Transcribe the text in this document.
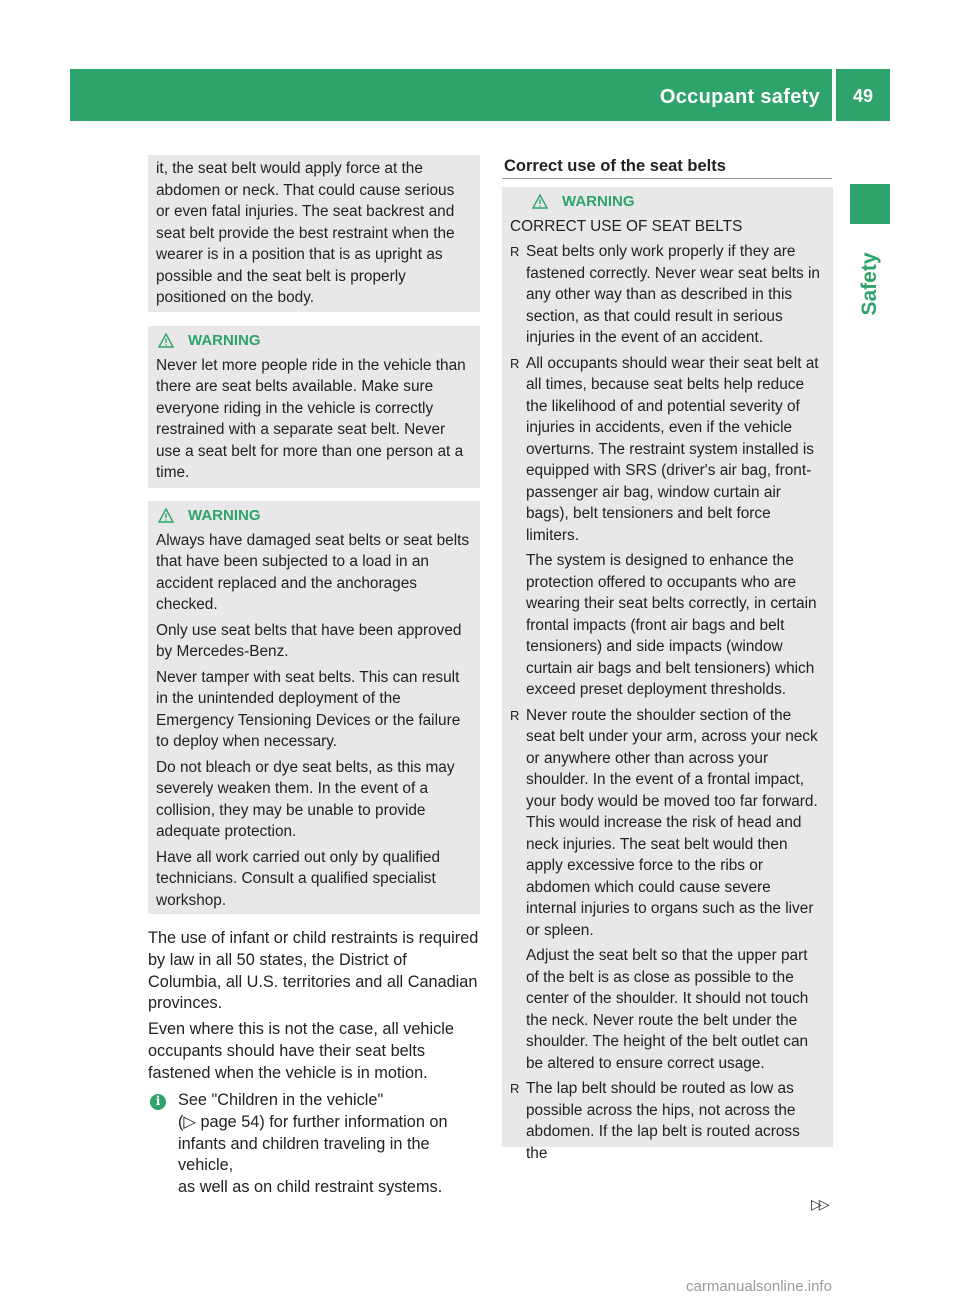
Occupant safety	49
Safety
it, the seat belt would apply force at the
abdomen or neck. That could cause serious
or even fatal injuries. The seat backrest and
seat belt provide the best restraint when the
wearer is in a position that is as upright as
possible and the seat belt is properly
positioned on the body.
WARNING
Never let more people ride in the vehicle than
there are seat belts available. Make sure
everyone riding in the vehicle is correctly
restrained with a separate seat belt. Never
use a seat belt for more than one person at a
time.
WARNING
Always have damaged seat belts or seat belts
that have been subjected to a load in an
accident replaced and the anchorages
checked.
Only use seat belts that have been approved
by Mercedes-Benz.
Never tamper with seat belts. This can result
in the unintended deployment of the
Emergency Tensioning Devices or the failure
to deploy when necessary.
Do not bleach or dye seat belts, as this may
severely weaken them. In the event of a
collision, they may be unable to provide
adequate protection.
Have all work carried out only by qualified
technicians. Consult a qualified specialist
workshop.
The use of infant or child restraints is required
by law in all 50 states, the District of
Columbia, all U.S. territories and all Canadian
provinces.
Even where this is not the case, all vehicle
occupants should have their seat belts
fastened when the vehicle is in motion.
i	See "Children in the vehicle"
(▷ page 54) for further information on
infants and children traveling in the vehicle,
as well as on child restraint systems.
Correct use of the seat belts
WARNING

CORRECT USE OF SEAT BELTS

R Seat belts only work properly if they are
fastened correctly. Never wear seat belts in
any other way than as described in this
section, as that could result in serious
injuries in the event of an accident.
R All occupants should wear their seat belt at
all times, because seat belts help reduce
the likelihood of and potential severity of
injuries in accidents, even if the vehicle
overturns. The restraint system installed is
equipped with SRS (driver's air bag, front-
passenger air bag, window curtain air
bags), belt tensioners and belt force
limiters.
The system is designed to enhance the
protection offered to occupants who are
wearing their seat belts correctly, in certain
frontal impacts (front air bags and belt
tensioners) and side impacts (window
curtain air bags and belt tensioners) which
exceed preset deployment thresholds.
R Never route the shoulder section of the
seat belt under your arm, across your neck
or anywhere other than across your
shoulder. In the event of a frontal impact,
your body would be moved too far forward.
This would increase the risk of head and
neck injuries. The seat belt would then
apply excessive force to the ribs or
abdomen which could cause severe
internal injuries to organs such as the liver
or spleen.
Adjust the seat belt so that the upper part
of the belt is as close as possible to the
center of the shoulder. It should not touch
the neck. Never route the belt under the
shoulder. The height of the belt outlet can
be altered to ensure correct usage.
R The lap belt should be routed as low as
possible across the hips, not across the
abdomen. If the lap belt is routed across the
▷▷
carmanualsonline.info
